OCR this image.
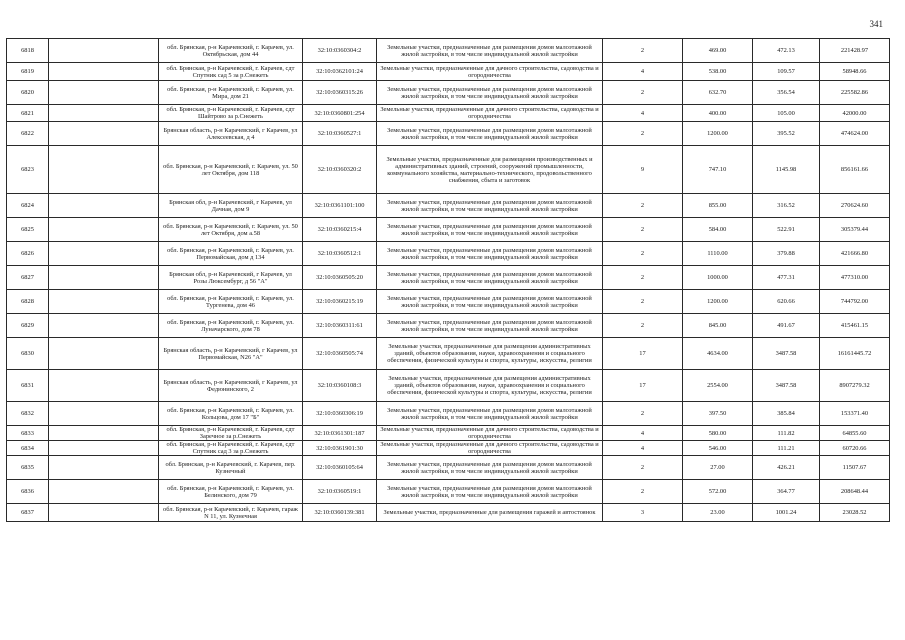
341
6818		обл. Брянская, р-н Карачевский, г. Карачев, ул. Октябрьская, дом 44	32:10:0360304:2	Земельные участки, предназначенные для размещения домов малоэтажной жилой застройки, в том числе индивидуальной жилой застройки	2	469.00	472.13	221428.97
6819		обл. Брянская, р-н Карачевский, г. Карачев, сдт Спутник сад 5 за р.Снежеть	32:10:0362101:24	Земельные участки, предназначенные для дачного строительства, садоводства и огородничества	4	538.00	109.57	58948.66
6820		обл. Брянская, р-н Карачевский, г. Карачев, ул. Мира, дом 21	32:10:0360315:26	Земельные участки, предназначенные для размещения домов малоэтажной жилой застройки, в том числе индивидуальной жилой застройки	2	632.70	356.54	225582.86
6821		обл. Брянская, р-н Карачевский, г. Карачев, сдт Шайтрово за р.Снежеть	32:10:0360801:254	Земельные участки, предназначенные для дачного строительства, садоводства и огородничества	4	400.00	105.00	42000.00
6822		Брянская область, р-н Карачевский, г Карачев, ул Алексеевская, д 4	32:10:0360527:1	Земельные участки, предназначенные для размещения домов малоэтажной жилой застройки, в том числе индивидуальной жилой застройки	2	1200.00	395.52	474624.00
6823		обл. Брянская, р-н Карачевский, г. Карачев, ул. 50 лет Октября, дом 118	32:10:0360320:2	Земельные участки, предназначенные для размещения производственных и административных зданий, строений, сооружений промышленности, коммунального хозяйства, материально-технического, продовольственного снабжения, сбыта и заготовок	9	747.10	1145.98	856161.66
6824		Брянская обл, р-н Карачевский, г Карачев, ул Дачная, дом 9	32:10:0361101:100	Земельные участки, предназначенные для размещения домов малоэтажной жилой застройки, в том числе индивидуальной жилой застройки	2	855.00	316.52	270624.60
6825		обл. Брянская, р-н Карачевский, г. Карачев, ул. 50 лет Октября, дом а.58	32:10:0360215:4	Земельные участки, предназначенные для размещения домов малоэтажной жилой застройки, в том числе индивидуальной жилой застройки	2	584.00	522.91	305379.44
6826		обл. Брянская, р-н Карачевский, г. Карачев, ул. Первомайская, дом д 134	32:10:0360512:1	Земельные участки, предназначенные для размещения домов малоэтажной жилой застройки, в том числе индивидуальной жилой застройки	2	1110.00	379.88	421666.80
6827		Брянская обл, р-н Карачевский, г Карачев, ул Розы Люксембург, д 56 "А"	32:10:0360505:20	Земельные участки, предназначенные для размещения домов малоэтажной жилой застройки, в том числе индивидуальной жилой застройки	2	1000.00	477.31	477310.00
6828		обл. Брянская, р-н Карачевский, г. Карачев, ул. Тургенева, дом 46	32:10:0360215:19	Земельные участки, предназначенные для размещения домов малоэтажной жилой застройки, в том числе индивидуальной жилой застройки	2	1200.00	620.66	744792.00
6829		обл. Брянская, р-н Карачевский, г. Карачев, ул. Луначарского, дом 78	32:10:0360311:61	Земельные участки, предназначенные для размещения домов малоэтажной жилой застройки, в том числе индивидуальной жилой застройки	2	845.00	491.67	415461.15
6830		Брянская область, р-н Карачевский, г Карачев, ул Первомайская, N26 "А"	32:10:0360505:74	Земельные участки, предназначенные для размещения административных зданий, объектов образования, науки, здравоохранения и социального обеспечения, физической культуры и спорта, культуры, искусства, религии	17	4634.00	3487.58	16161445.72
6831		Брянская область, р-н Карачевский, г Карачев, ул Федюнинского, 2	32:10:0360108:3	Земельные участки, предназначенные для размещения административных зданий, объектов образования, науки, здравоохранения и социального обеспечения, физической культуры и спорта, культуры, искусства, религии	17	2554.00	3487.58	8907279.32
6832		обл. Брянская, р-н Карачевский, г. Карачев, ул. Кольцова, дом 17 "Б"	32:10:0360306:19	Земельные участки, предназначенные для размещения домов малоэтажной жилой застройки, в том числе индивидуальной жилой застройки	2	397.50	385.84	153371.40
6833		обл. Брянская, р-н Карачевский, г. Карачев, сдт Заречное за р.Снежеть	32:10:0361301:187	Земельные участки, предназначенные для дачного строительства, садоводства и огородничества	4	580.00	111.82	64855.60
6834		обл. Брянская, р-н Карачевский, г. Карачев, сдт Спутник сад 3 за р.Снежеть	32:10:0361901:30	Земельные участки, предназначенные для дачного строительства, садоводства и огородничества	4	546.00	111.21	60720.66
6835		обл. Брянская, р-н Карачевский, г. Карачев, пер. Кузнечный	32:10:0360105:64	Земельные участки, предназначенные для размещения домов малоэтажной жилой застройки, в том числе индивидуальной жилой застройки	2	27.00	426.21	11507.67
6836		обл. Брянская, р-н Карачевский, г. Карачев, ул. Белинского, дом 79	32:10:0360519:1	Земельные участки, предназначенные для размещения домов малоэтажной жилой застройки, в том числе индивидуальной жилой застройки	2	572.00	364.77	208648.44
6837		обл. Брянская, р-н Карачевский, г. Карачев, гараж N 11, ул. Кузнечная	32:10:0360139:381	Земельные участки, предназначенные для размещения гаражей и автостоянок	3	23.00	1001.24	23028.52
